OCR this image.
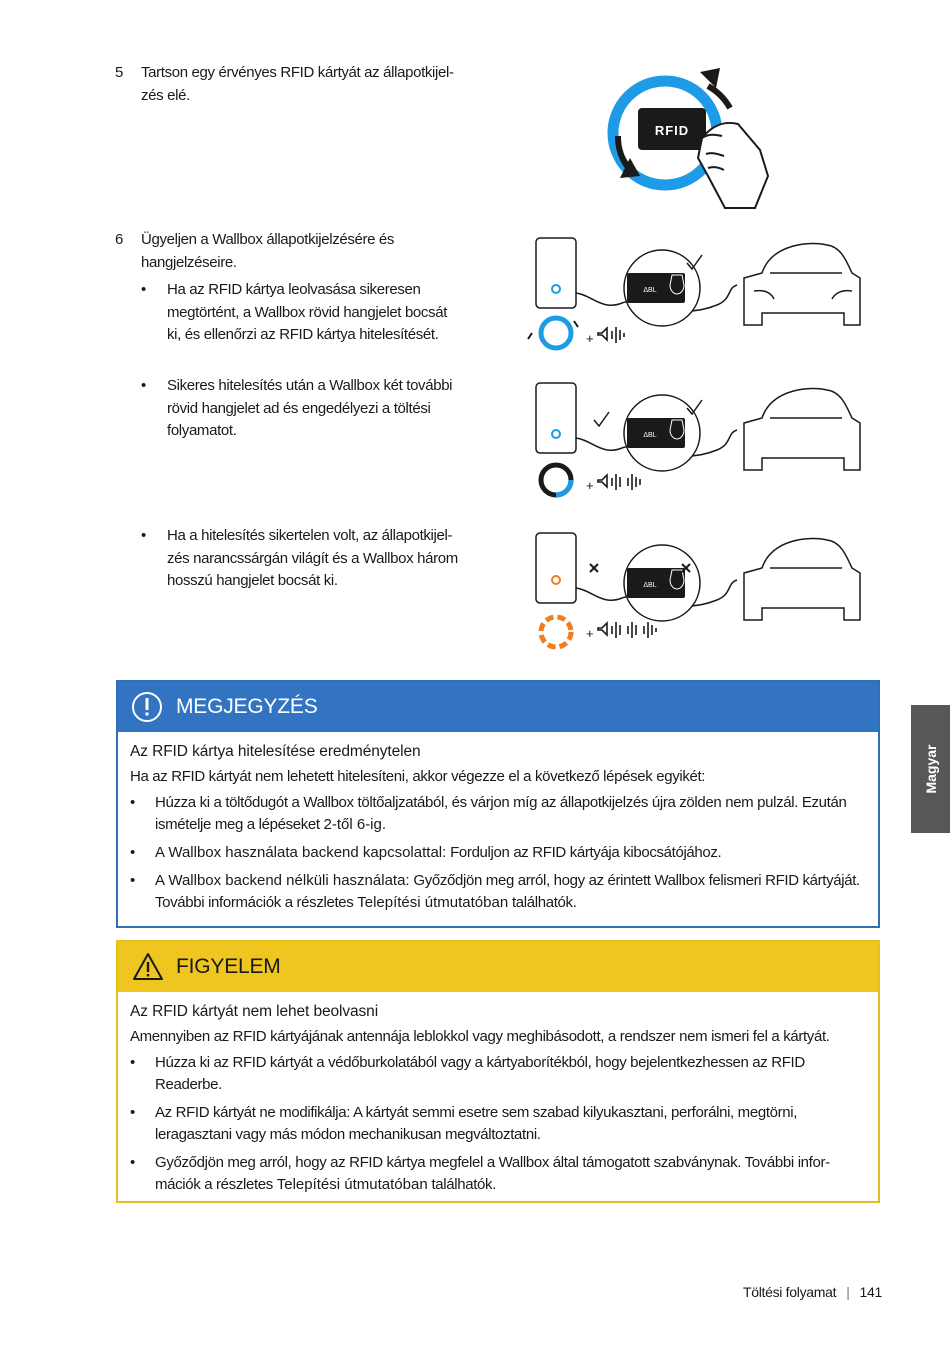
5 Tartson egy érvényes RFID kártyát az állapotkijel-
zés elé.
6 Ügyeljen a Wallbox állapotkijelzésére és
hangjelzéseire.
• Ha az RFID kártya leolvasása sikeresen
megtörtént, a Wallbox rövid hangjelet bocsát
ki, és ellenőrzi az RFID kártya hitelesítését.
• Sikeres hitelesítés után a Wallbox két további
rövid hangjelet ad és engedélyezi a töltési
folyamatot.
• Ha a hitelesítés sikertelen volt, az állapotkijel-
zés narancssárgán világít és a Wallbox három
hosszú hangjelet bocsát ki.
RFID
ΔBL
+
ΔBL
+
ΔBL
+
Magyar
MEGJEGYZÉS

Az RFID kártya hitelesítése eredménytelen

Ha az RFID kártyát nem lehetett hitelesíteni, akkor végezze el a következő lépések egyikét:

• Húzza ki a töltődugót a Wallbox töltőaljzatából, és várjon míg az állapotkijelzés újra zölden nem pulzál. Ezután ismételje meg a lépéseket 2-től 6-ig.
• A Wallbox használata backend kapcsolattal: Forduljon az RFID kártyája kibocsátójához.
• A Wallbox backend nélküli használata: Győződjön meg arról, hogy az érintett Wallbox felismeri RFID kártyáját. További információk a részletes Telepítési útmutatóban találhatók.
FIGYELEM

Az RFID kártyát nem lehet beolvasni

Amennyiben az RFID kártyájának antennája leblokkol vagy meghibásodott, a rendszer nem ismeri fel a kártyát.

• Húzza ki az RFID kártyát a védőburkolatából vagy a kártyaborítékból, hogy bejelentkezhessen az RFID Readerbe.
• Az RFID kártyát ne modifikálja: A kártyát semmi esetre sem szabad kilyukasztani, perforálni, megtörni, leragasztani vagy más módon mechanikusan megváltoztatni.
• Győződjön meg arról, hogy az RFID kártya megfelel a Wallbox által támogatott szabványnak. További infor-mációk a részletes Telepítési útmutatóban találhatók.
Töltési folyamat | 141
